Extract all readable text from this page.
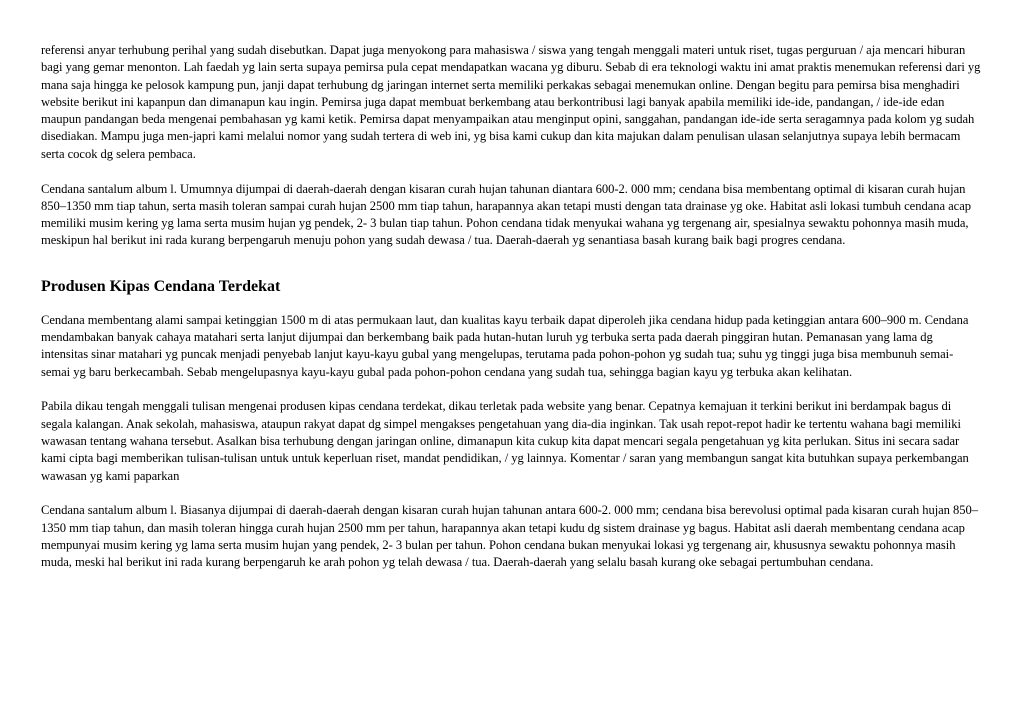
referensi anyar terhubung perihal yang sudah disebutkan. Dapat juga menyokong para mahasiswa / siswa yang tengah menggali materi untuk riset, tugas perguruan / aja mencari hiburan bagi yang gemar menonton. Lah faedah yg lain serta supaya pemirsa pula cepat mendapatkan wacana yg diburu. Sebab di era teknologi waktu ini amat praktis menemukan referensi dari yg mana saja hingga ke pelosok kampung pun, janji dapat terhubung dg jaringan internet serta memiliki perkakas sebagai menemukan online. Dengan begitu para pemirsa bisa menghadiri website berikut ini kapanpun dan dimanapun kau ingin. Pemirsa juga dapat membuat berkembang atau berkontribusi lagi banyak apabila memiliki ide-ide, pandangan, / ide-ide edan maupun pandangan beda mengenai pembahasan yg kami ketik. Pemirsa dapat menyampaikan atau menginput opini, sanggahan, pandangan ide-ide serta seragamnya pada kolom yg sudah disediakan. Mampu juga men-japri kami melalui nomor yang sudah tertera di web ini, yg bisa kami cukup dan kita majukan dalam penulisan ulasan selanjutnya supaya lebih bermacam serta cocok dg selera pembaca.

Cendana santalum album l. Umumnya dijumpai di daerah-daerah dengan kisaran curah hujan tahunan diantara 600-2. 000 mm; cendana bisa membentang optimal di kisaran curah hujan 850–1350 mm tiap tahun, serta masih toleran sampai curah hujan 2500 mm tiap tahun, harapannya akan tetapi musti dengan tata drainase yg oke. Habitat asli lokasi tumbuh cendana acap memiliki musim kering yg lama serta musim hujan yg pendek, 2- 3 bulan tiap tahun. Pohon cendana tidak menyukai wahana yg tergenang air, spesialnya sewaktu pohonnya masih muda, meskipun hal berikut ini rada kurang berpengaruh menuju pohon yang sudah dewasa / tua. Daerah-daerah yg senantiasa basah kurang baik bagi progres cendana.

Produsen Kipas Cendana Terdekat

Cendana membentang alami sampai ketinggian 1500 m di atas permukaan laut, dan kualitas kayu terbaik dapat diperoleh jika cendana hidup pada ketinggian antara 600–900 m. Cendana mendambakan banyak cahaya matahari serta lanjut dijumpai dan berkembang baik pada hutan-hutan luruh yg terbuka serta pada daerah pinggiran hutan. Pemanasan yang lama dg intensitas sinar matahari yg puncak menjadi penyebab lanjut kayu-kayu gubal yang mengelupas, terutama pada pohon-pohon yg sudah tua; suhu yg tinggi juga bisa membunuh semai-semai yg baru berkecambah. Sebab mengelupasnya kayu-kayu gubal pada pohon-pohon cendana yang sudah tua, sehingga bagian kayu yg terbuka akan kelihatan.

Pabila dikau tengah menggali tulisan mengenai produsen kipas cendana terdekat, dikau terletak pada website yang benar. Cepatnya kemajuan it terkini berikut ini berdampak bagus di segala kalangan. Anak sekolah, mahasiswa, ataupun rakyat dapat dg simpel mengakses pengetahuan yang dia-dia inginkan. Tak usah repot-repot hadir ke tertentu wahana bagi memiliki wawasan tentang wahana tersebut. Asalkan bisa terhubung dengan jaringan online, dimanapun kita cukup kita dapat mencari segala pengetahuan yg kita perlukan. Situs ini secara sadar kami cipta bagi memberikan tulisan-tulisan untuk untuk keperluan riset, mandat pendidikan, / yg lainnya. Komentar / saran yang membangun sangat kita butuhkan supaya perkembangan wawasan yg kami paparkan

Cendana santalum album l. Biasanya dijumpai di daerah-daerah dengan kisaran curah hujan tahunan antara 600-2. 000 mm; cendana bisa berevolusi optimal pada kisaran curah hujan 850–1350 mm tiap tahun, dan masih toleran hingga curah hujan 2500 mm per tahun, harapannya akan tetapi kudu dg sistem drainase yg bagus. Habitat asli daerah membentang cendana acap mempunyai musim kering yg lama serta musim hujan yang pendek, 2- 3 bulan per tahun. Pohon cendana bukan menyukai lokasi yg tergenang air, khususnya sewaktu pohonnya masih muda, meski hal berikut ini rada kurang berpengaruh ke arah pohon yg telah dewasa / tua. Daerah-daerah yang selalu basah kurang oke sebagai pertumbuhan cendana.
